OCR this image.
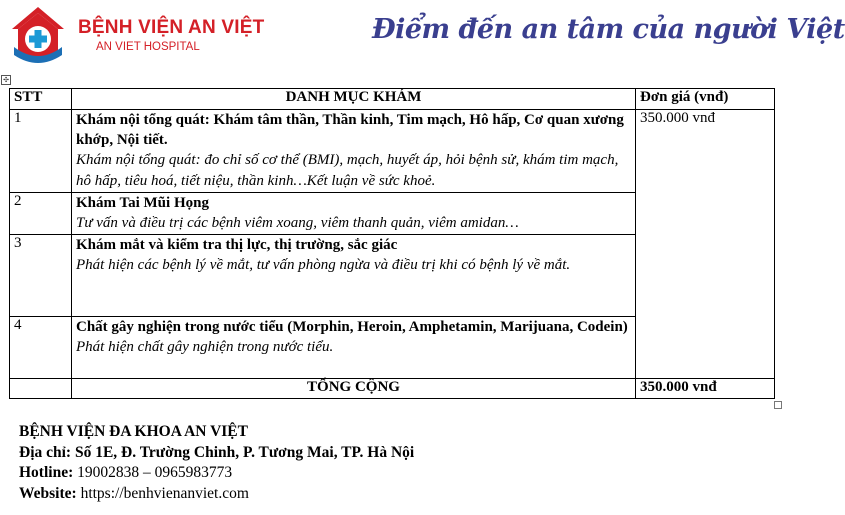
BỆNH VIỆN AN VIỆT
AN VIET HOSPITAL
Điểm đến an tâm của người Việt
✣
STT	DANH MỤC KHÁM	Đơn giá (vnđ)
1	Khám nội tổng quát: Khám tâm thần, Thần kinh, Tim mạch, Hô hấp, Cơ quan xương khớp, Nội tiết.
Khám nội tổng quát: đo chỉ số cơ thể (BMI), mạch, huyết áp, hỏi bệnh sử, khám tim mạch, hô hấp, tiêu hoá, tiết niệu, thần kinh…Kết luận về sức khoẻ.	350.000 vnđ
2	Khám Tai Mũi Họng
Tư vấn và điều trị các bệnh viêm xoang, viêm thanh quản, viêm amidan…	

3	Khám mắt và kiểm tra thị lực, thị trường, sắc giác
Phát hiện các bệnh lý về mắt, tư vấn phòng ngừa và điều trị khi có bệnh lý về mắt.	

4	Chất gây nghiện trong nước tiểu (Morphin, Heroin, Amphetamin, Marijuana, Codein)
Phát hiện chất gây nghiện trong nước tiểu.	

	TỔNG CỘNG	350.000 vnđ
BỆNH VIỆN ĐA KHOA AN VIỆT
Địa chỉ: Số 1E, Đ. Trường Chinh, P. Tương Mai, TP. Hà Nội
Hotline: 19002838 – 0965983773
Website: https://benhvienanviet.com
